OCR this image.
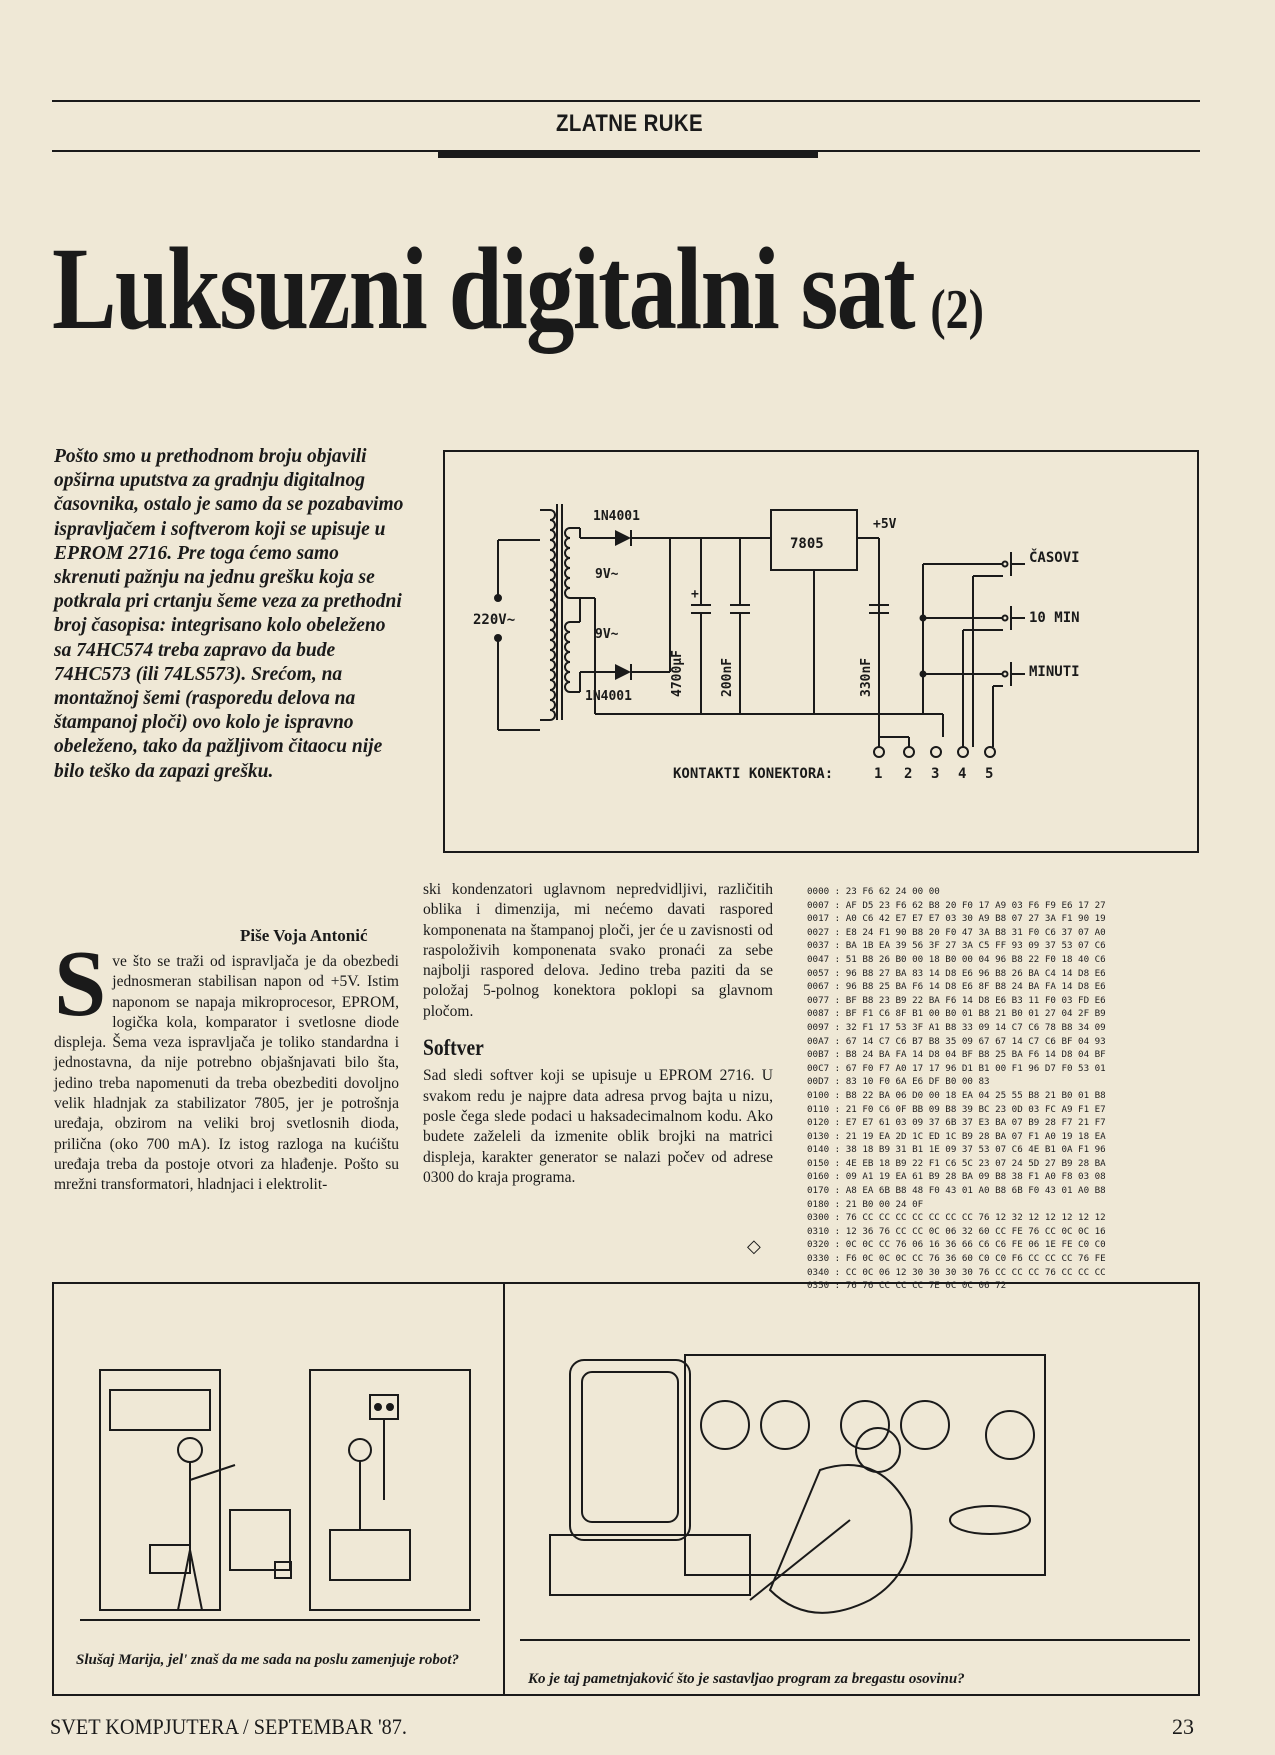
ZLATNE RUKE
Luksuzni digitalni sat (2)
Pošto smo u prethodnom broju objavili opširna uputstva za gradnju digitalnog časovnika, ostalo je samo da se pozabavimo ispravljačem i softverom koji se upisuje u EPROM 2716. Pre toga ćemo samo skrenuti pažnju na jednu grešku koja se potkrala pri crtanju šeme veza za prethodni broj časopisa: integrisano kolo obeleženo sa 74HC574 treba zapravo da bude 74HC573 (ili 74LS573). Srećom, na montažnoj šemi (rasporedu delova na štampanoj ploči) ovo kolo je ispravno obeleženo, tako da pažljivom čitaocu nije bilo teško da zapazi grešku.
Piše Voja Antonić
220V~
9V~
9V~
1N4001
1N4001
+
4700µF	200nF
7805
+5V
330nF
ČASOVI
10 MIN
MINUTI
KONTAKTI KONEKTORA:	1 2 3 4 5
Sve što se traži od ispravljača je da obezbedi jednosmeran stabilisan napon od +5V. Istim naponom se napaja mikroprocesor, EPROM, logička kola, komparator i svetlosne diode displeja. Šema veza ispravljača je toliko standardna i jednostavna, da nije potrebno objašnjavati bilo šta, jedino treba napomenuti da treba obezbediti dovoljno velik hladnjak za stabilizator 7805, jer je potrošnja uređaja, obzirom na veliki broj svetlosnih dioda, prilična (oko 700 mA). Iz istog razloga na kućištu uređaja treba da postoje otvori za hlađenje. Pošto su mrežni transformatori, hladnjaci i elektrolit-
ski kondenzatori uglavnom nepredvidljivi, različitih oblika i dimenzija, mi nećemo davati raspored komponenata na štampanoj ploči, jer će u zavisnosti od raspoloživih komponenata svako pronaći za sebe najbolji raspored delova. Jedino treba paziti da se položaj 5-polnog konektora poklopi sa glavnom pločom.
Softver
Sad sledi softver koji se upisuje u EPROM 2716. U svakom redu je najpre data adresa prvog bajta u nizu, posle čega slede podaci u haksadecimalnom kodu. Ako budete zaželeli da izmenite oblik brojki na matrici displeja, karakter generator se nalazi počev od adrese 0300 do kraja programa.
◇
0000 : 23 F6 62 24 00 00
0007 : AF D5 23 F6 62 B8 20 F0 17 A9 03 F6 F9 E6 17 27
0017 : A0 C6 42 E7 E7 E7 03 30 A9 B8 07 27 3A F1 90 19
0027 : E8 24 F1 90 B8 20 F0 47 3A B8 31 F0 C6 37 07 A0
0037 : BA 1B EA 39 56 3F 27 3A C5 FF 93 09 37 53 07 C6
0047 : 51 B8 26 B0 00 18 B0 00 04 96 B8 22 F0 18 40 C6
0057 : 96 B8 27 BA 83 14 D8 E6 96 B8 26 BA C4 14 D8 E6
0067 : 96 B8 25 BA F6 14 D8 E6 8F B8 24 BA FA 14 D8 E6
0077 : BF B8 23 B9 22 BA F6 14 D8 E6 B3 11 F0 03 FD E6
0087 : BF F1 C6 8F B1 00 B0 01 B8 21 B0 01 27 04 2F B9
0097 : 32 F1 17 53 3F A1 B8 33 09 14 C7 C6 78 B8 34 09
00A7 : 67 14 C7 C6 B7 B8 35 09 67 67 14 C7 C6 BF 04 93
00B7 : B8 24 BA FA 14 D8 04 BF B8 25 BA F6 14 D8 04 BF
00C7 : 67 F0 F7 A0 17 17 96 D1 B1 00 F1 96 D7 F0 53 01
00D7 : 83 10 F0 6A E6 DF B0 00 83
0100 : B8 22 BA 06 D0 00 18 EA 04 25 55 B8 21 B0 01 B8
0110 : 21 F0 C6 0F BB 09 B8 39 BC 23 0D 03 FC A9 F1 E7
0120 : E7 E7 61 03 09 37 6B 37 E3 BA 07 B9 28 F7 21 F7
0130 : 21 19 EA 2D 1C ED 1C B9 28 BA 07 F1 A0 19 18 EA
0140 : 38 18 B9 31 B1 1E 09 37 53 07 C6 4E B1 0A F1 96
0150 : 4E EB 18 B9 22 F1 C6 5C 23 07 24 5D 27 B9 28 BA
0160 : 09 A1 19 EA 61 B9 28 BA 09 B8 38 F1 A0 F8 03 08
0170 : A8 EA 6B B8 48 F0 43 01 A0 B8 6B F0 43 01 A0 B8
0180 : 21 B0 00 24 0F
0300 : 76 CC CC CC CC CC CC CC 76 12 32 12 12 12 12 12
0310 : 12 36 76 CC CC 0C 06 32 60 CC FE 76 CC 0C 0C 16
0320 : 0C 0C CC 76 06 16 36 66 C6 C6 FE 06 1E FE C0 C0
0330 : F6 0C 0C 0C CC 76 36 60 C0 C0 F6 CC CC CC 76 FE
0340 : CC 0C 06 12 30 30 30 30 76 CC CC CC 76 CC CC CC
0350 : 76 76 CC CC CC 7E 0C 0C 06 72
Slušaj Marija, jel' znaš da me sada na poslu zamenjuje robot?
Ko je taj pametnjaković što je sastavljao program za bregastu osovinu?
SVET KOMPJUTERA / SEPTEMBAR '87.	23
